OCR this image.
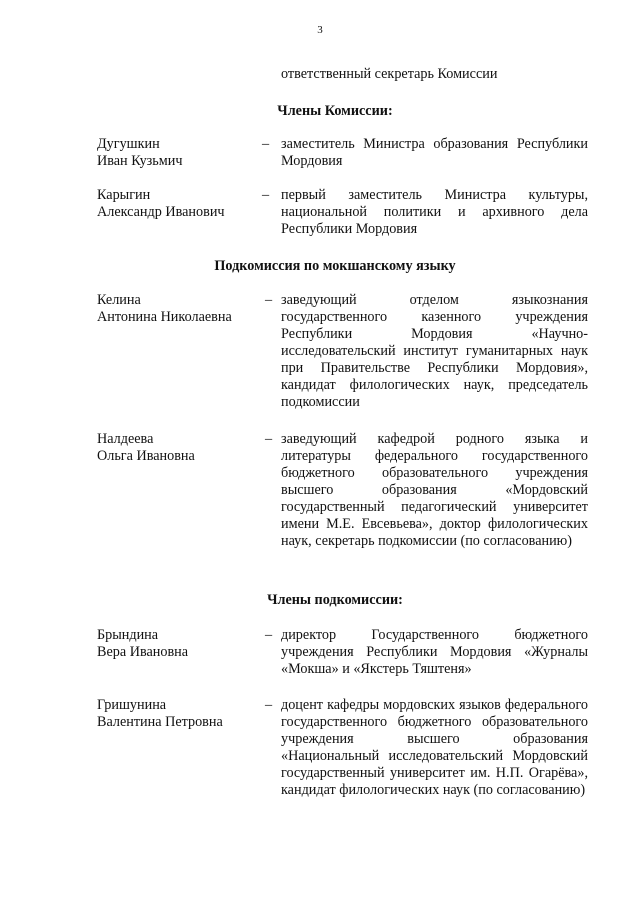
3
ответственный секретарь Комиссии
Члены Комиссии:
Дугушкин
Иван Кузьмич
– заместитель Министра образования Республики Мордовия
Карыгин
Александр Иванович
– первый заместитель Министра культуры, национальной политики и архивного дела Республики Мордовия
Подкомиссия по мокшанскому языку
Келина
Антонина Николаевна
– заведующий отделом языкознания государственного казенного учреждения Республики Мордовия «Научно-исследовательский институт гуманитарных наук при Правительстве Республики Мордовия», кандидат филологических наук, председатель подкомиссии
Налдеева
Ольга Ивановна
– заведующий кафедрой родного языка и литературы федерального государственного бюджетного образовательного учреждения высшего образования «Мордовский государственный педагогический университет имени М.Е. Евсевьева», доктор филологических наук, секретарь подкомиссии (по согласованию)
Члены подкомиссии:
Брындина
Вера Ивановна
– директор Государственного бюджетного учреждения Республики Мордовия «Журналы «Мокша» и «Якстерь Тяштеня»
Гришунина
Валентина Петровна
– доцент кафедры мордовских языков федерального государственного бюджетного образовательного учреждения высшего образования «Национальный исследовательский Мордовский государственный университет им. Н.П. Огарёва», кандидат филологических наук (по согласованию)
